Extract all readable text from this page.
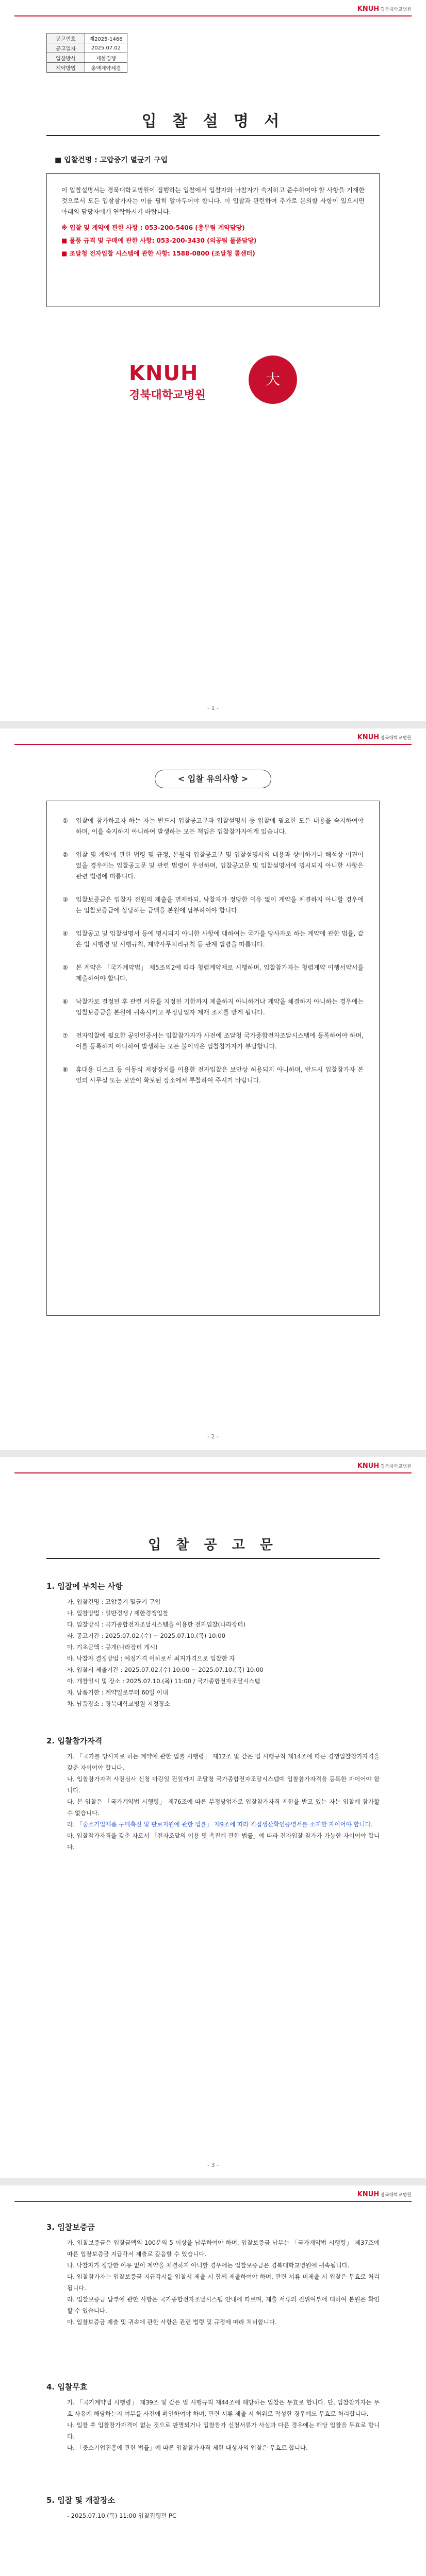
KNUH 경북대학교병원
공고번호	제2025-1466
공고일자	2025.07.02
입찰방식	제한경쟁
계약방법	총액계약체결
입 찰 설 명 서
■ 입찰건명 : 고압증기 멸균기 구입

이 입찰설명서는 경북대학교병원이 집행하는 입찰에서 입찰자와 낙찰자가 숙지하고 준수하여야 할 사항을 기재한 것으로서 모든 입찰참가자는 이를 필히 알아두어야 합니다. 이 입찰과 관련하여 추가로 문의할 사항이 있으시면 아래의 담당자에게 연락하시기 바랍니다.

※ 입찰 및 계약에 관한 사항 : 053-200-5406 (총무팀 계약담당)

■ 물품 규격 및 구매에 관한 사항: 053-200-3430 (의공팀 물품담당)

■ 조달청 전자입찰 시스템에 관한 사항: 1588-0800 (조달청 콜센터)

KNUH
경북대학교병원
大
- 1 -
KNUH 경북대학교병원
< 입찰 유의사항 >
① 입찰에 참가하고자 하는 자는 반드시 입찰공고문과 입찰설명서 등 입찰에 필요한 모든 내용을 숙지하여야 하며, 이를 숙지하지 아니하여 발생하는 모든 책임은 입찰참가자에게 있습니다.
② 입찰 및 계약에 관한 법령 및 규정, 본원의 입찰공고문 및 입찰설명서의 내용과 상이하거나 해석상 이견이 있을 경우에는 입찰공고문 및 관련 법령이 우선하며, 입찰공고문 및 입찰설명서에 명시되지 아니한 사항은 관련 법령에 따릅니다.
③ 입찰보증금은 입찰자 전원의 제출을 면제하되, 낙찰자가 정당한 이유 없이 계약을 체결하지 아니할 경우에는 입찰보증금에 상당하는 금액을 본원에 납부하여야 합니다.
④ 입찰공고 및 입찰설명서 등에 명시되지 아니한 사항에 대하여는 국가를 당사자로 하는 계약에 관한 법률, 같은 법 시행령 및 시행규칙, 계약사무처리규칙 등 관계 법령을 따릅니다.
⑤ 본 계약은 「국가계약법」 제5조의2에 따라 청렴계약제로 시행하며, 입찰참가자는 청렴계약 이행서약서를 제출하여야 합니다.
⑥ 낙찰자로 결정된 후 관련 서류를 지정된 기한까지 제출하지 아니하거나 계약을 체결하지 아니하는 경우에는 입찰보증금을 본원에 귀속시키고 부정당업자 제재 조치를 받게 됩니다.
⑦ 전자입찰에 필요한 공인인증서는 입찰참가자가 사전에 조달청 국가종합전자조달시스템에 등록하여야 하며, 이를 등록하지 아니하여 발생하는 모든 불이익은 입찰참가자가 부담합니다.
⑧ 휴대용 디스크 등 이동식 저장장치를 이용한 전자입찰은 보안상 허용되지 아니하며, 반드시 입찰참가자 본인의 사무실 또는 보안이 확보된 장소에서 투찰하여 주시기 바랍니다.
- 2 -
KNUH 경북대학교병원
입 찰 공 고 문
1. 입찰에 부치는 사항
가. 입찰건명 : 고압증기 멸균기 구입
나. 입찰방법 : 일반경쟁 / 제한경쟁입찰
다. 입찰방식 : 국가종합전자조달시스템을 이용한 전자입찰(나라장터)
라. 공고기간 : 2025.07.02.(수) ~ 2025.07.10.(목) 10:00
마. 기초금액 : 공개(나라장터 게시)
바. 낙찰자 결정방법 : 예정가격 이하로서 최저가격으로 입찰한 자
사. 입찰서 제출기간 : 2025.07.02.(수) 10:00 ~ 2025.07.10.(목) 10:00
아. 개찰일시 및 장소 : 2025.07.10.(목) 11:00 / 국가종합전자조달시스템
자. 납품기한 : 계약일로부터 60일 이내
차. 납품장소 : 경북대학교병원 지정장소
2. 입찰참가자격
가. 「국가를 당사자로 하는 계약에 관한 법률 시행령」 제12조 및 같은 법 시행규칙 제14조에 따른 경쟁입찰참가자격을 갖춘 자이어야 합니다.
나. 입찰참가자격 사전심사 신청 마감일 전일까지 조달청 국가종합전자조달시스템에 입찰참가자격을 등록한 자이어야 합니다.
다. 본 입찰은 「국가계약법 시행령」 제76조에 따른 부정당업자로 입찰참가자격 제한을 받고 있는 자는 입찰에 참가할 수 없습니다.
라. 「중소기업제품 구매촉진 및 판로지원에 관한 법률」 제9조에 따라 직접생산확인증명서를 소지한 자이어야 합니다.
마. 입찰참가자격을 갖춘 자로서 「전자조달의 이용 및 촉진에 관한 법률」에 따라 전자입찰 참가가 가능한 자이어야 합니다.
- 3 -
KNUH 경북대학교병원
3. 입찰보증금
가. 입찰보증금은 입찰금액의 100분의 5 이상을 납부하여야 하며, 입찰보증금 납부는 「국가계약법 시행령」 제37조에 따른 입찰보증금 지급각서 제출로 갈음할 수 있습니다.
나. 낙찰자가 정당한 이유 없이 계약을 체결하지 아니할 경우에는 입찰보증금은 경북대학교병원에 귀속됩니다.
다. 입찰참가자는 입찰보증금 지급각서를 입찰서 제출 시 함께 제출하여야 하며, 관련 서류 미제출 시 입찰은 무효로 처리됩니다.
라. 입찰보증금 납부에 관한 사항은 국가종합전자조달시스템 안내에 따르며, 제출 서류의 진위여부에 대하여 본원은 확인할 수 있습니다.
마. 입찰보증금 제출 및 귀속에 관한 사항은 관련 법령 및 규정에 따라 처리합니다.
4. 입찰무효
가. 「국가계약법 시행령」 제39조 및 같은 법 시행규칙 제44조에 해당하는 입찰은 무효로 합니다. 단, 입찰참가자는 무효 사유에 해당하는지 여부를 사전에 확인하여야 하며, 관련 서류 제출 시 허위로 작성한 경우에도 무효로 처리합니다.
나. 입찰 후 입찰참가자격이 없는 것으로 판명되거나 입찰참가 신청서류가 사실과 다른 경우에는 해당 입찰을 무효로 합니다.
다. 「중소기업진흥에 관한 법률」에 따른 입찰참가자격 제한 대상자의 입찰은 무효로 합니다.
5. 입찰 및 개찰장소
- 2025.07.10.(목) 11:00 입찰집행관 PC
